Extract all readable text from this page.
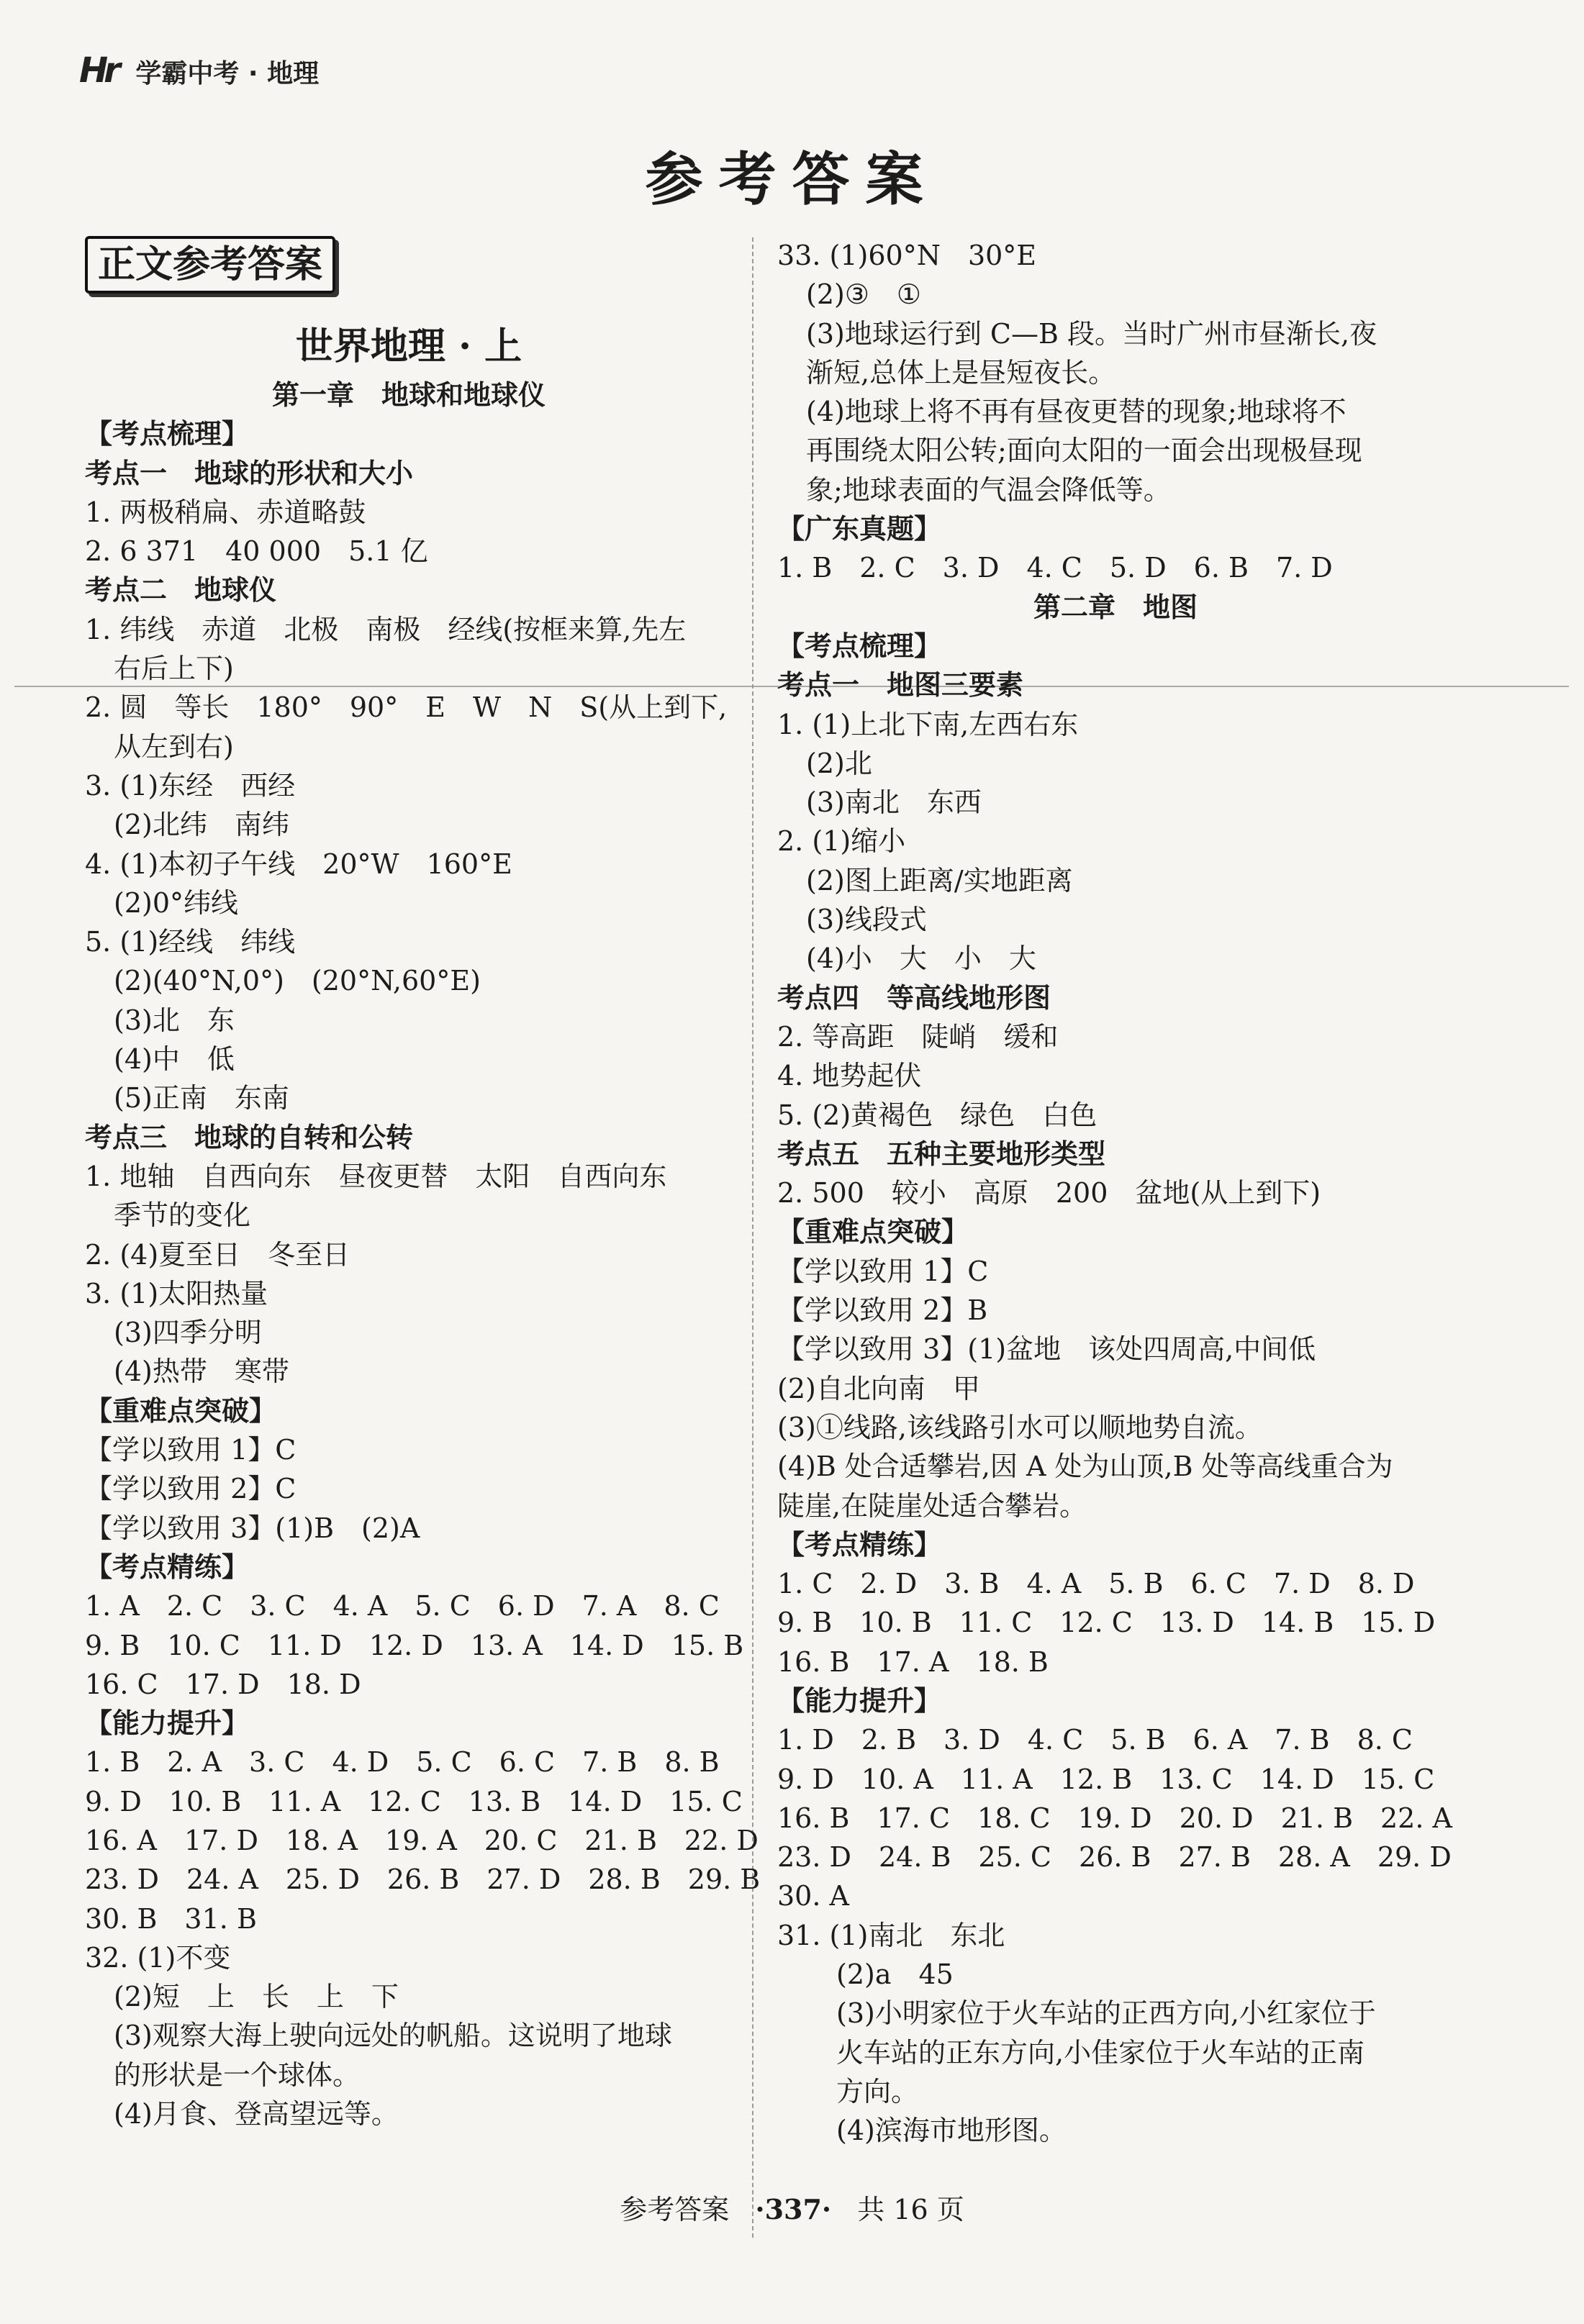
Hr 学霸中考 · 地理
参考答案
正文参考答案
世界地理 · 上
第一章　地球和地球仪
【考点梳理】
考点一　地球的形状和大小
1. 两极稍扁、赤道略鼓
2. 6 371　40 000　5.1 亿
考点二　地球仪
1. 纬线　赤道　北极　南极　经线(按框来算,先左
右后上下)
2. 圆　等长　180°　90°　E　W　N　S(从上到下,
从左到右)
3. (1)东经　西经
(2)北纬　南纬
4. (1)本初子午线　20°W　160°E
(2)0°纬线
5. (1)经线　纬线
(2)(40°N,0°)　(20°N,60°E)
(3)北　东
(4)中　低
(5)正南　东南
考点三　地球的自转和公转
1. 地轴　自西向东　昼夜更替　太阳　自西向东
季节的变化
2. (4)夏至日　冬至日
3. (1)太阳热量
(3)四季分明
(4)热带　寒带
【重难点突破】
【学以致用 1】C
【学以致用 2】C
【学以致用 3】(1)B　(2)A
【考点精练】
1. A　2. C　3. C　4. A　5. C　6. D　7. A　8. C
9. B　10. C　11. D　12. D　13. A　14. D　15. B
16. C　17. D　18. D
【能力提升】
1. B　2. A　3. C　4. D　5. C　6. C　7. B　8. B
9. D　10. B　11. A　12. C　13. B　14. D　15. C
16. A　17. D　18. A　19. A　20. C　21. B　22. D
23. D　24. A　25. D　26. B　27. D　28. B　29. B
30. B　31. B
32. (1)不变
(2)短　上　长　上　下
(3)观察大海上驶向远处的帆船。这说明了地球
的形状是一个球体。
(4)月食、登高望远等。
33. (1)60°N　30°E
(2)③　①
(3)地球运行到 C—B 段。当时广州市昼渐长,夜
渐短,总体上是昼短夜长。
(4)地球上将不再有昼夜更替的现象;地球将不
再围绕太阳公转;面向太阳的一面会出现极昼现
象;地球表面的气温会降低等。
【广东真题】
1. B　2. C　3. D　4. C　5. D　6. B　7. D
第二章　地图
【考点梳理】
考点一　地图三要素
1. (1)上北下南,左西右东
(2)北
(3)南北　东西
2. (1)缩小
(2)图上距离/实地距离
(3)线段式
(4)小　大　小　大
考点四　等高线地形图
2. 等高距　陡峭　缓和
4. 地势起伏
5. (2)黄褐色　绿色　白色
考点五　五种主要地形类型
2. 500　较小　高原　200　盆地(从上到下)
【重难点突破】
【学以致用 1】C
【学以致用 2】B
【学以致用 3】(1)盆地　该处四周高,中间低
(2)自北向南　甲
(3)①线路,该线路引水可以顺地势自流。
(4)B 处合适攀岩,因 A 处为山顶,B 处等高线重合为
陡崖,在陡崖处适合攀岩。
【考点精练】
1. C　2. D　3. B　4. A　5. B　6. C　7. D　8. D
9. B　10. B　11. C　12. C　13. D　14. B　15. D
16. B　17. A　18. B
【能力提升】
1. D　2. B　3. D　4. C　5. B　6. A　7. B　8. C
9. D　10. A　11. A　12. B　13. C　14. D　15. C
16. B　17. C　18. C　19. D　20. D　21. B　22. A
23. D　24. B　25. C　26. B　27. B　28. A　29. D
30. A
31. (1)南北　东北
(2)a　45
(3)小明家位于火车站的正西方向,小红家位于
火车站的正东方向,小佳家位于火车站的正南
方向。
(4)滨海市地形图。
参考答案 ·337· 共 16 页
